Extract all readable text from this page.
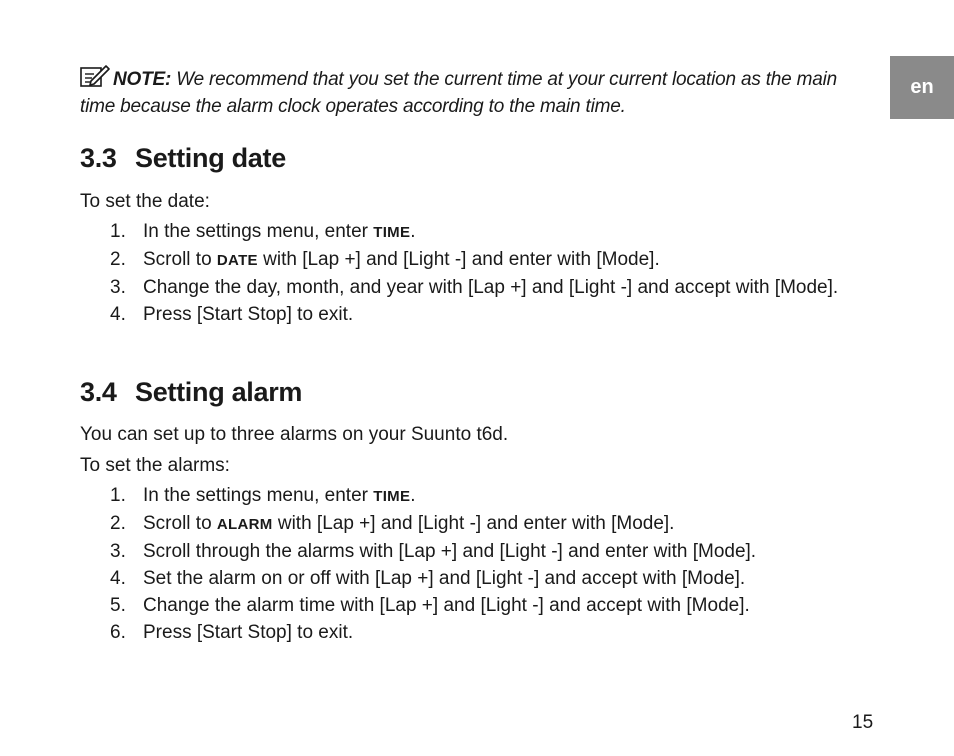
en
NOTE: We recommend that you set the current time at your current location as the main time because the alarm clock operates according to the main time.
3.3 Setting date

To set the date:

1. In the settings menu, enter TIME.
2. Scroll to DATE with [Lap +] and [Light -] and enter with [Mode].
3. Change the day, month, and year with [Lap +] and [Light -] and accept with [Mode].
4. Press [Start Stop] to exit.
3.4 Setting alarm

You can set up to three alarms on your Suunto t6d.

To set the alarms:

1. In the settings menu, enter TIME.
2. Scroll to ALARM with [Lap +] and [Light -] and enter with [Mode].
3. Scroll through the alarms with [Lap +] and [Light -] and enter with [Mode].
4. Set the alarm on or off with [Lap +] and [Light -] and accept with [Mode].
5. Change the alarm time with [Lap +] and [Light -] and accept with [Mode].
6. Press [Start Stop] to exit.
15
